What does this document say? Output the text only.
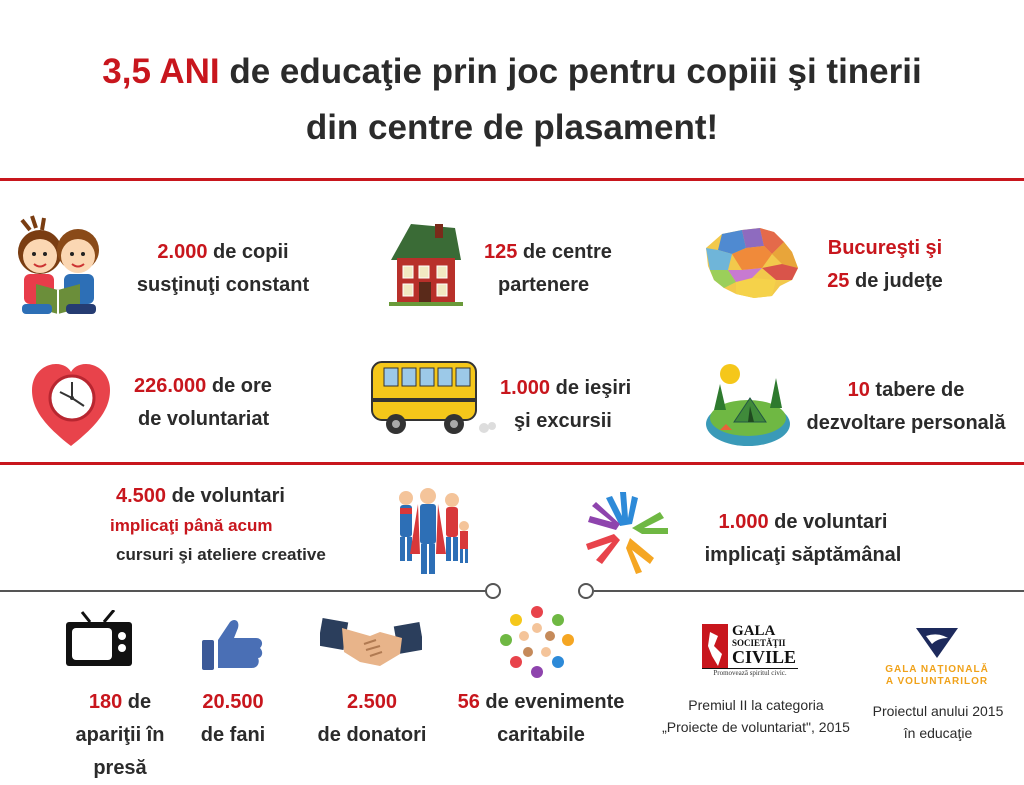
3,5 ANI de educaţie prin joc pentru copiii şi tinerii
din centre de plasament!
2.000 de copii
susţinuţi constant
125 de centre
partenere
Bucureşti şi
25 de judeţe
226.000 de ore
de voluntariat
1.000 de ieşiri
şi excursii
10 tabere de
dezvoltare personală
4.500 de voluntari
implicaţi până acum
cursuri şi ateliere creative
1.000 de voluntari
implicaţi săptămânal
180 de
apariţii în presă
20.500
de fani
2.500
de donatori
56 de evenimente
caritabile
GALA
SOCIETĂŢII
CIVILE
Promovează spiritul civic.
Premiul II la categoria
„Proiecte de voluntariat", 2015
GALA NAŢIONALĂ
A VOLUNTARILOR
Proiectul anului 2015
în educaţie
